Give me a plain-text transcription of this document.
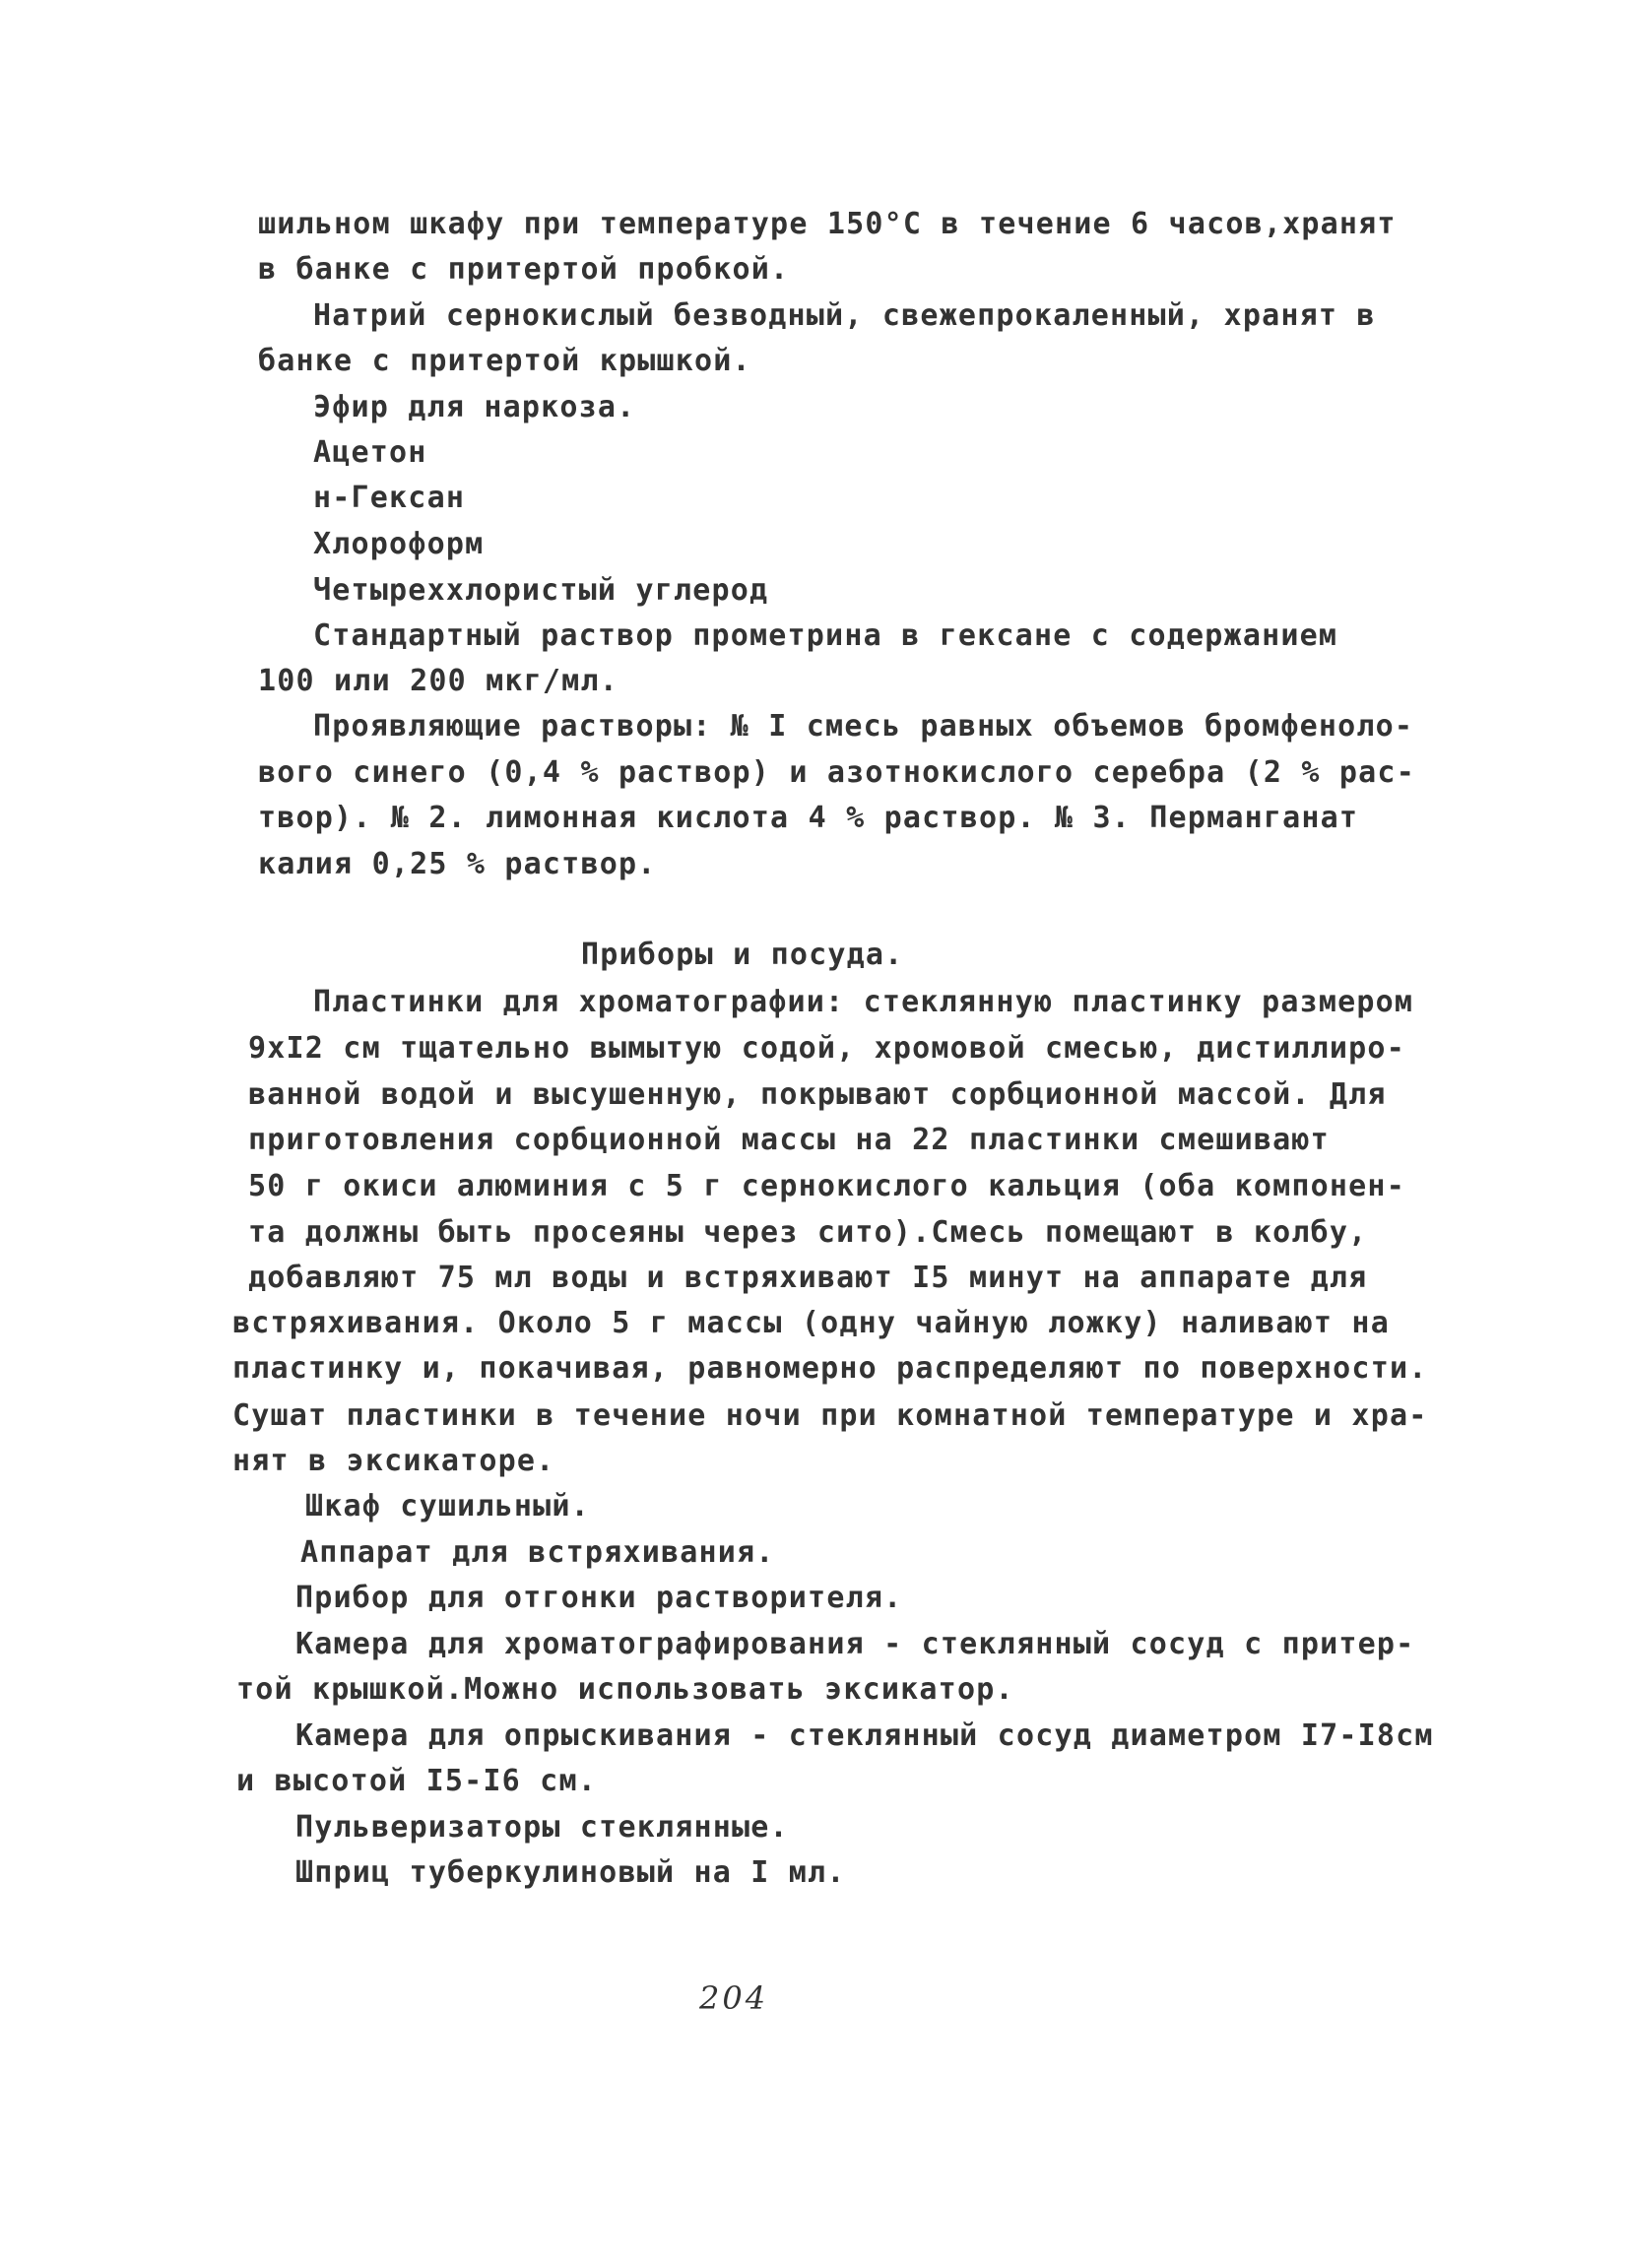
шильном шкафу при температуре 150°С в течение 6 часов,хранят
в банке с притертой пробкой.
Натрий сернокислый безводный, свежепрокаленный, хранят в
банке с притертой крышкой.
Эфир для наркоза.
Ацетон
н-Гексан
Хлороформ
Четыреххлористый углерод
Стандартный раствор прометрина в гексане с содержанием
100 или 200 мкг/мл.
Проявляющие растворы: № I смесь равных объемов бромфеноло-
вого синего (0,4 % раствор) и азотнокислого серебра (2 % рас-
твор). № 2. лимонная кислота 4 % раствор. № 3. Перманганат
калия 0,25 % раствор.
Приборы и посуда.
Пластинки для хроматографии: стеклянную пластинку размером
9хI2 см тщательно вымытую содой, хромовой смесью, дистиллиро-
ванной водой и высушенную, покрывают сорбционной массой. Для
приготовления сорбционной массы на 22 пластинки смешивают
50 г окиси алюминия с 5 г сернокислого кальция (оба компонен-
та должны быть просеяны через сито).Смесь помещают в колбу,
добавляют 75 мл воды и встряхивают I5 минут на аппарате для
встряхивания. Около 5 г массы (одну чайную ложку) наливают на
пластинку и, покачивая, равномерно распределяют по поверхности.
Сушат пластинки в течение ночи при комнатной температуре и хра-
нят в эксикаторе.
Шкаф сушильный.
Аппарат для встряхивания.
Прибор для отгонки растворителя.
Камера для хроматографирования - стеклянный сосуд с притер-
той крышкой.Можно использовать эксикатор.
Камера для опрыскивания - стеклянный сосуд диаметром I7-I8см
и высотой I5-I6 см.
Пульверизаторы стеклянные.
Шприц туберкулиновый на I мл.
204
